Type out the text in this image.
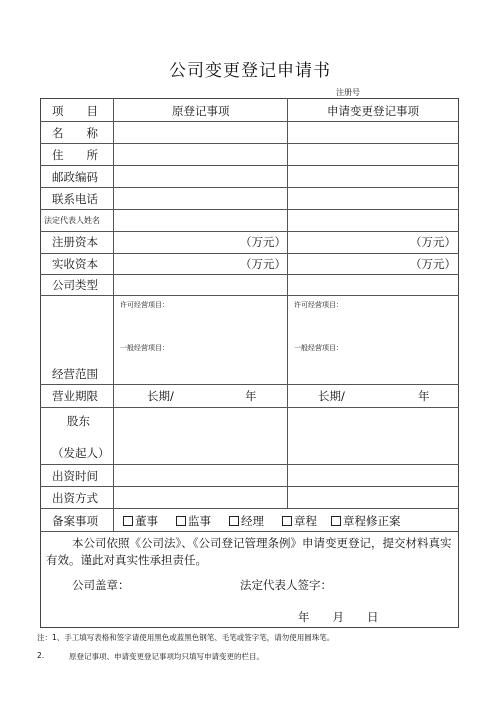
公司变更登记申请书
注册号
项　　目	原登记事项	申请变更登记事项
名　　称
住　　所
邮政编码
联系电话
法定代表人姓名
注册资本	（万元）	（万元）
实收资本	（万元）	（万元）
公司类型
许可经营项目：	许可经营项目：
一般经营项目：	一般经营项目：
经营范围
营业期限	长期/	年	长期/	年
股东
（发起人）
出资时间
出资方式
备案事项	董事	监事	经理	章程	章程修正案
本公司依照《公司法》、《公司登记管理条例》申请变更登记，提交材料真实
有效。谨此对真实性承担责任。
公司盖章：	法定代表人签字：
年　　月　　日
注：1、手工填写表格和签字请使用黑色或蓝黑色钢笔、毛笔或签字笔，请勿使用圆珠笔。
2.	原登记事项、申请变更登记事项均只填写申请变更的栏目。
